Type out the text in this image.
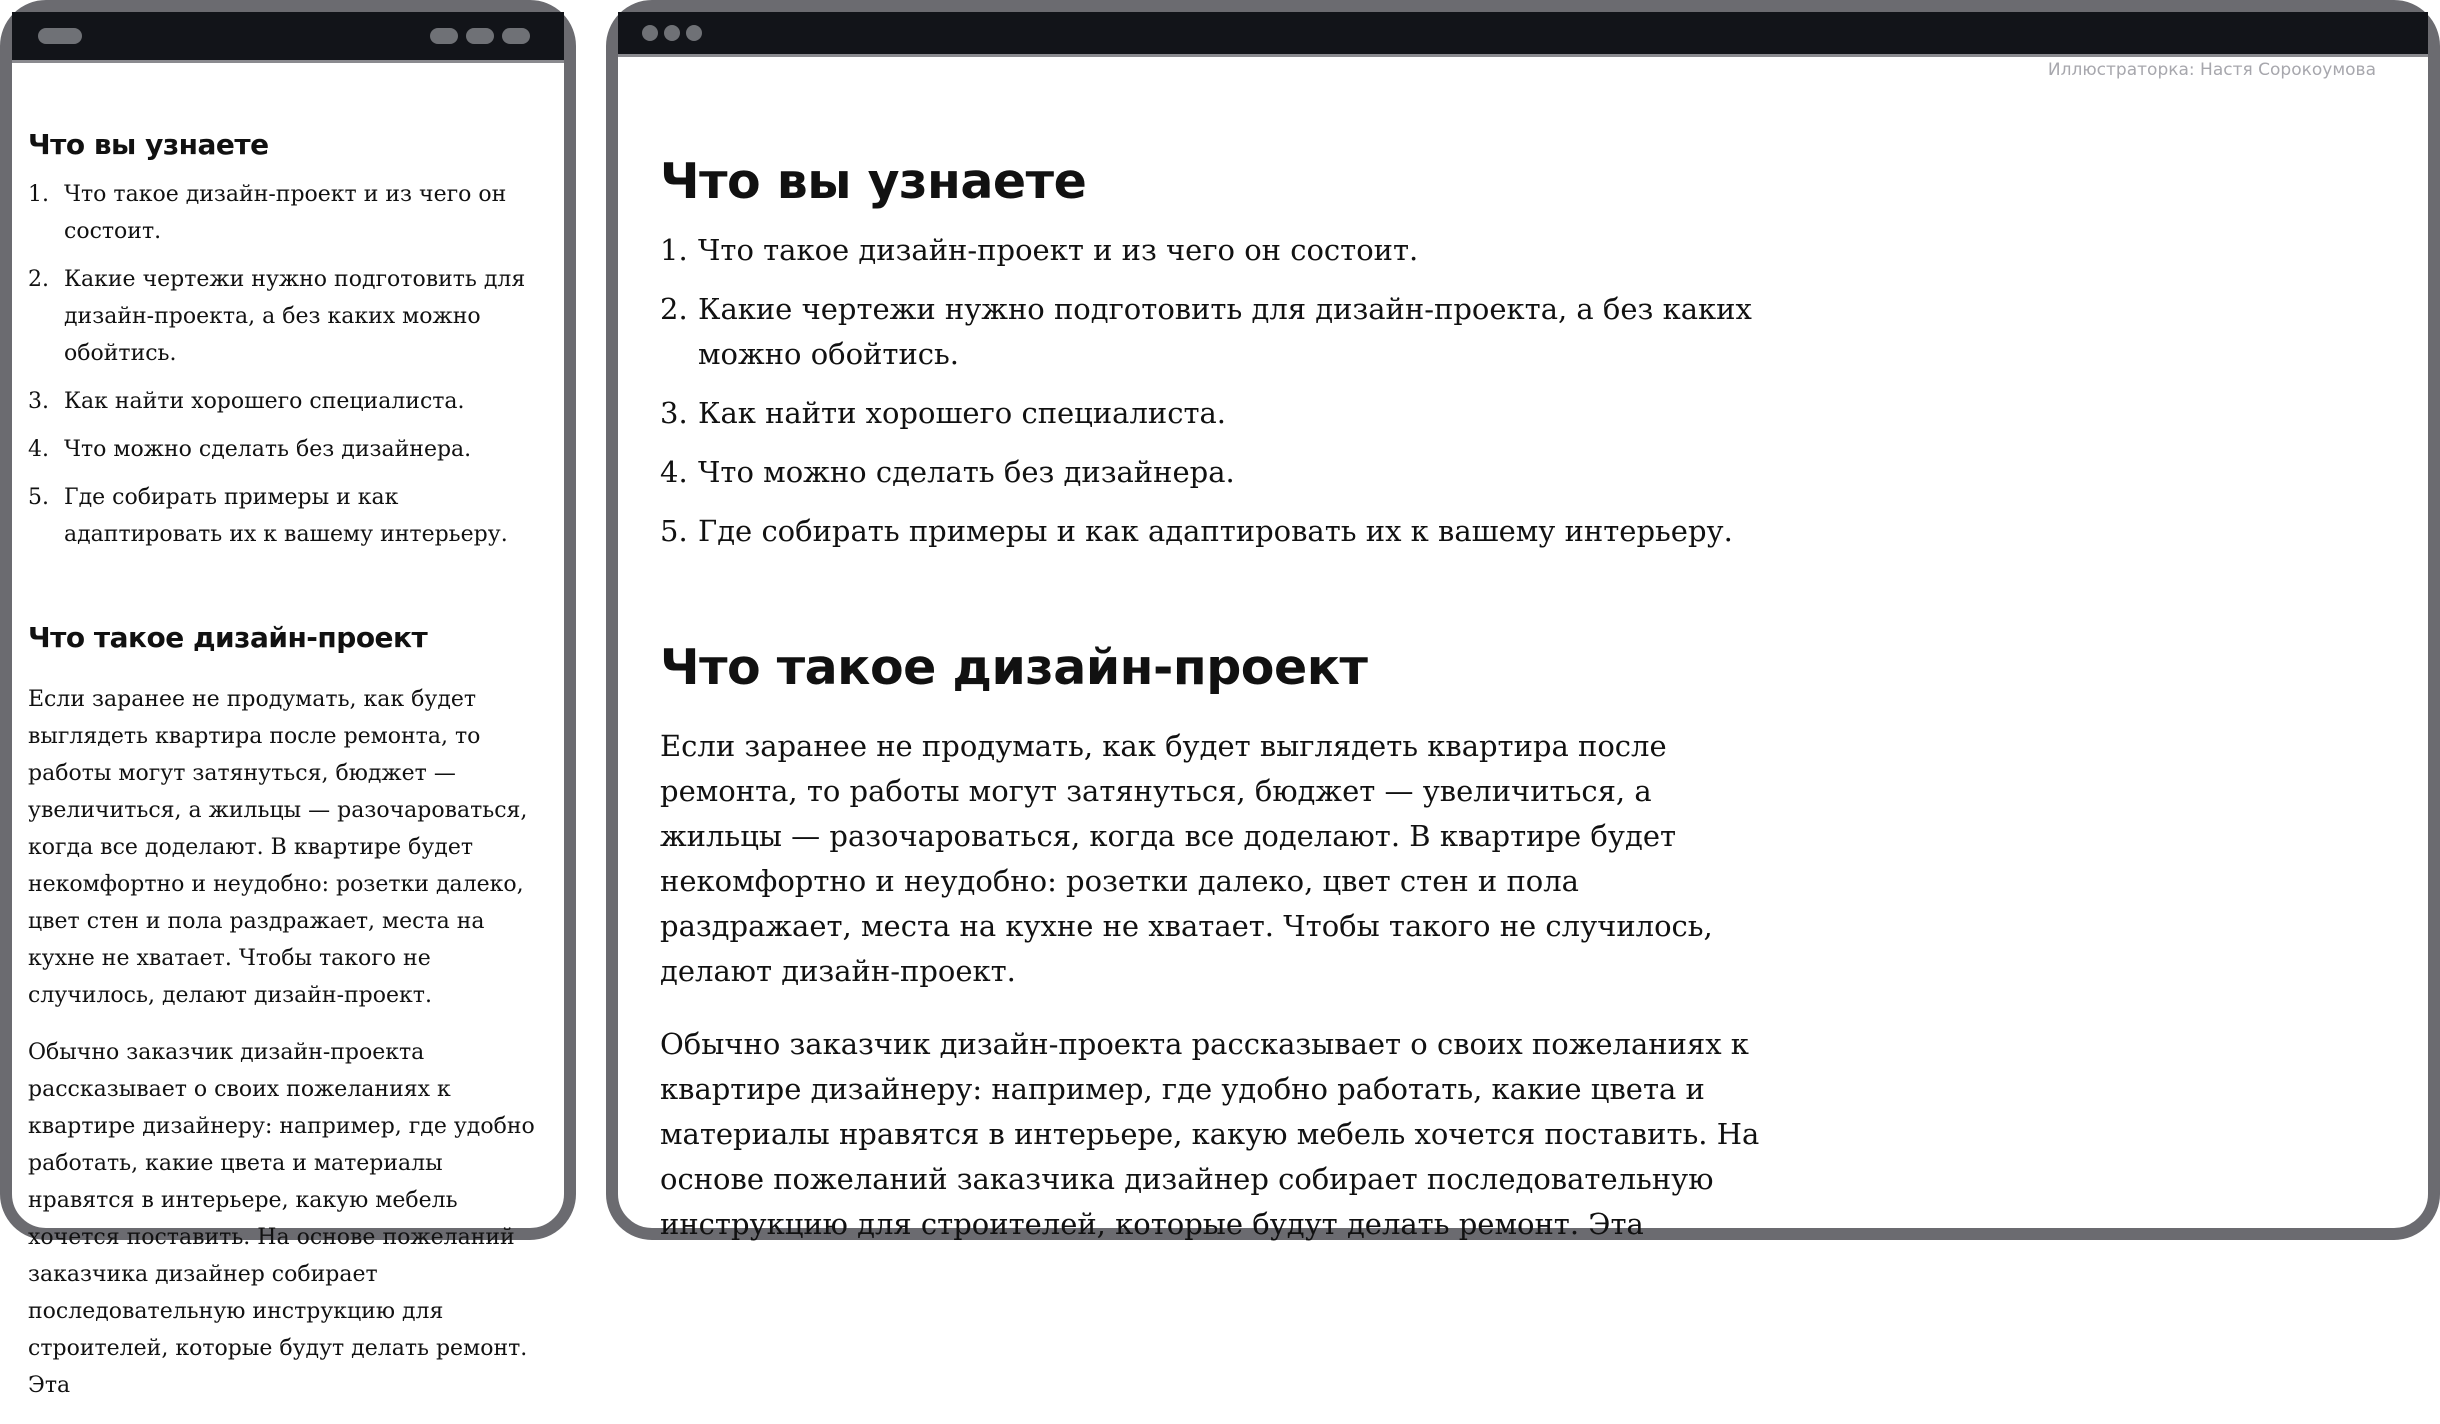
Что вы узнаете
1. Что такое дизайн-проект и из чего он состоит.
2. Какие чертежи нужно подготовить для дизайн-проекта, а без каких можно обойтись.
3. Как найти хорошего специалиста.
4. Что можно сделать без дизайнера.
5. Где собирать примеры и как адаптировать их к вашему интерьеру.
Что такое дизайн-проект

Если заранее не продумать, как будет выглядеть квартира после ремонта, то работы могут затянуться, бюджет — увеличиться, а жильцы — разочароваться, когда все доделают. В квартире будет некомфортно и неудобно: розетки далеко, цвет стен и пола раздражает, места на кухне не хватает. Чтобы такого не случилось, делают дизайн-проект.

Обычно заказчик дизайн-проекта рассказывает о своих пожеланиях к квартире дизайнеру: например, где удобно работать, какие цвета и материалы нравятся в интерьере, какую мебель хочется поставить. На основе пожеланий заказчика дизайнер собирает последовательную инструкцию для строителей, которые будут делать ремонт. Эта

Иллюстраторка: Настя Сорокоумова
Что вы узнаете
1. Что такое дизайн-проект и из чего он состоит.
2. Какие чертежи нужно подготовить для дизайн-проекта, а без каких можно обойтись.
3. Как найти хорошего специалиста.
4. Что можно сделать без дизайнера.
5. Где собирать примеры и как адаптировать их к вашему интерьеру.
Что такое дизайн-проект

Если заранее не продумать, как будет выглядеть квартира после ремонта, то работы могут затянуться, бюджет — увеличиться, а жильцы — разочароваться, когда все доделают. В квартире будет некомфортно и неудобно: розетки далеко, цвет стен и пола раздражает, места на кухне не хватает. Чтобы такого не случилось, делают дизайн-проект.

Обычно заказчик дизайн-проекта рассказывает о своих пожеланиях к квартире дизайнеру: например, где удобно работать, какие цвета и материалы нравятся в интерьере, какую мебель хочется поставить. На основе пожеланий заказчика дизайнер собирает последовательную инструкцию для строителей, которые будут делать ремонт. Эта
